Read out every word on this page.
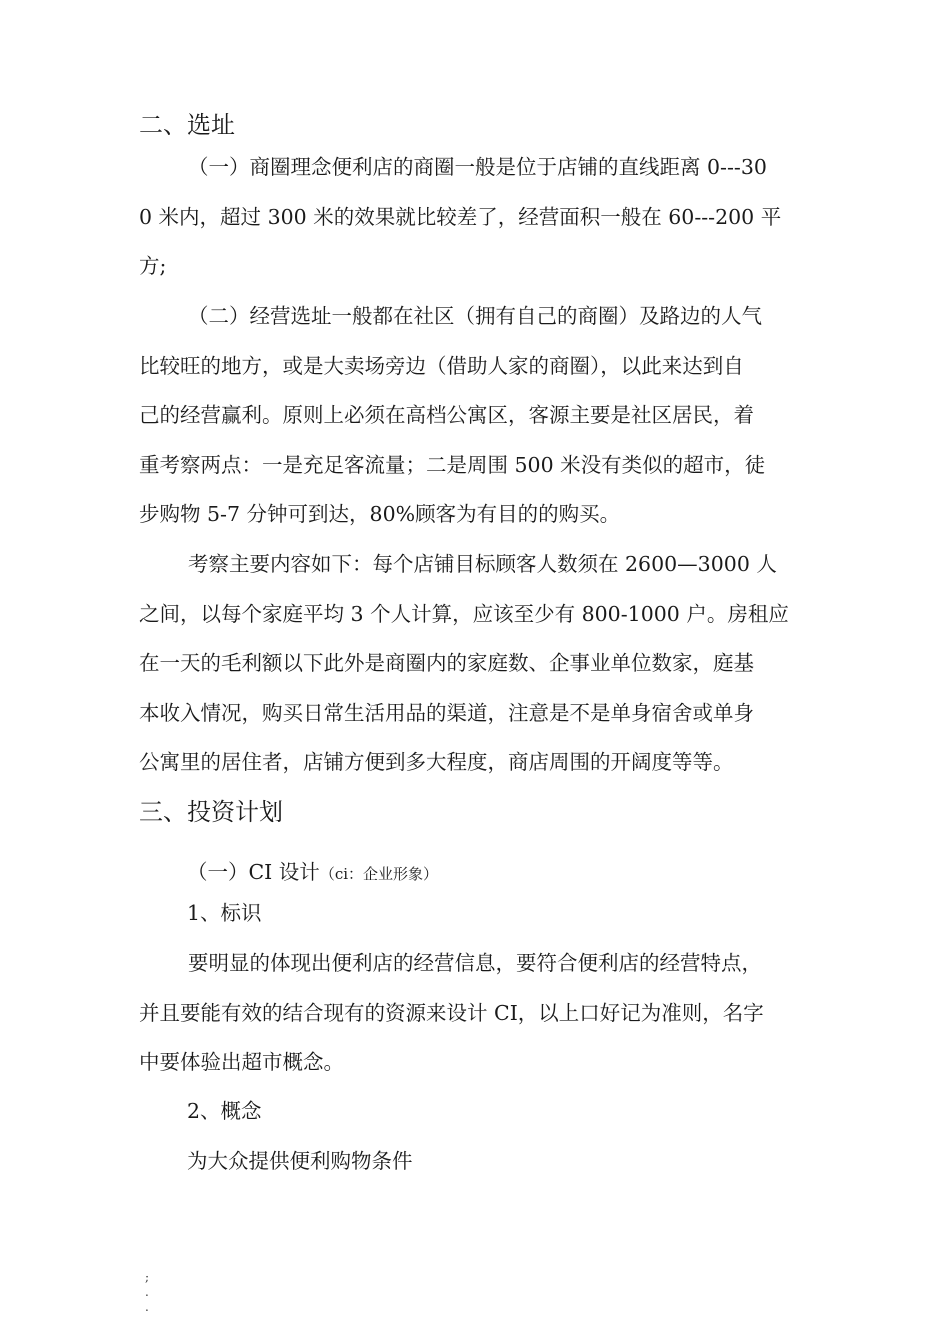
二、选址
（一）商圈理念便利店的商圈一般是位于店铺的直线距离 0---30
0 米内，超过 300 米的效果就比较差了，经营面积一般在 60---200 平
方;
（二）经营选址一般都在社区（拥有自己的商圈）及路边的人气
比较旺的地方，或是大卖场旁边（借助人家的商圈），以此来达到自
己的经营赢利。原则上必须在高档公寓区，客源主要是社区居民，着
重考察两点：一是充足客流量；二是周围 500 米没有类似的超市，徒
步购物 5-7 分钟可到达，80%顾客为有目的的购买。
考察主要内容如下：每个店铺目标顾客人数须在 2600—3000 人
之间，以每个家庭平均 3 个人计算，应该至少有 800-1000 户。房租应
在一天的毛利额以下此外是商圈内的家庭数、企事业单位数家，庭基
本收入情况，购买日常生活用品的渠道，注意是不是单身宿舍或单身
公寓里的居住者，店铺方便到多大程度，商店周围的开阔度等等。
三、投资计划
（一）CI 设计（ci：企业形象）
1、标识
要明显的体现出便利店的经营信息，要符合便利店的经营特点，
并且要能有效的结合现有的资源来设计 CI，以上口好记为准则，名字
中要体验出超市概念。
2、概念
为大众提供便利购物条件
;
.
.
